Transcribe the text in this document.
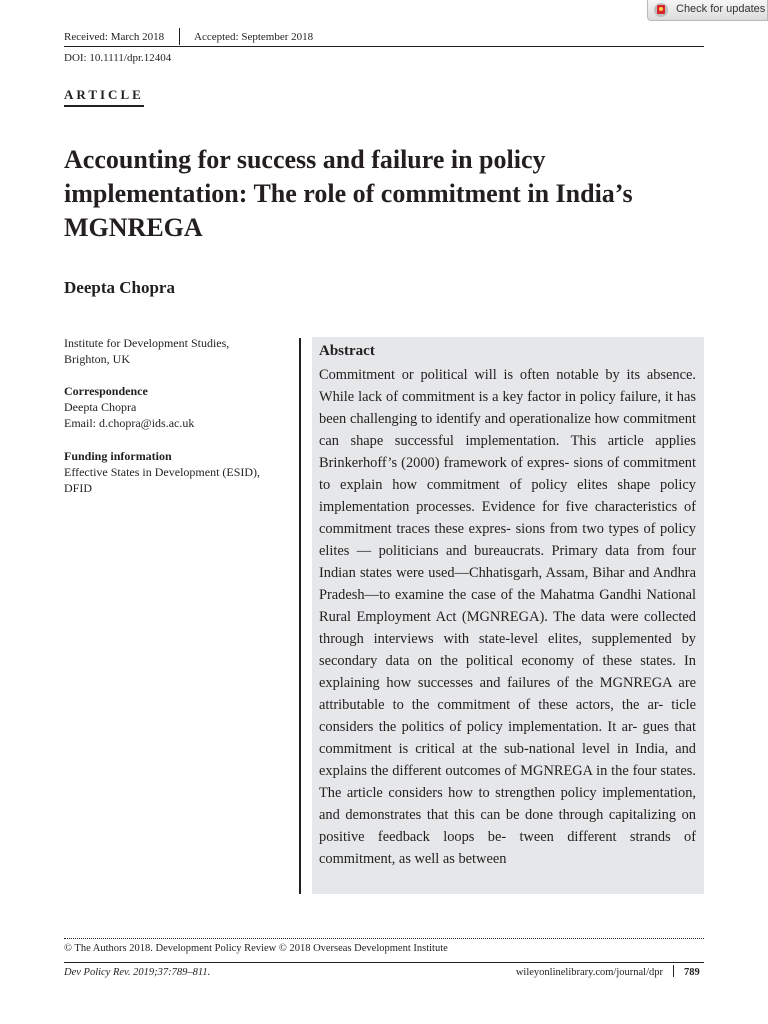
Check for updates
Received: March 2018	Accepted: September 2018
DOI: 10.1111/dpr.12404
ARTICLE
Accounting for success and failure in policy implementation: The role of commitment in India’s MGNREGA
Deepta Chopra
Institute for Development Studies,
Brighton, UK
Correspondence
Deepta Chopra
Email: d.chopra@ids.ac.uk
Funding information
Effective States in Development (ESID),
DFID
Abstract
Commitment or political will is often notable by its absence. While lack of commitment is a key factor in policy failure, it has been challenging to identify and operationalize how commitment can shape successful implementation. This article applies Brinkerhoff’s (2000) framework of expres- sions of commitment to explain how commitment of policy elites shape policy implementation processes. Evidence for five characteristics of commitment traces these expres- sions from two types of policy elites — politicians and bureaucrats. Primary data from four Indian states were used—Chhatisgarh, Assam, Bihar and Andhra Pradesh—to examine the case of the Mahatma Gandhi National Rural Employment Act (MGNREGA). The data were collected through interviews with state-level elites, supplemented by secondary data on the political economy of these states. In explaining how successes and failures of the MGNREGA are attributable to the commitment of these actors, the ar- ticle considers the politics of policy implementation. It ar- gues that commitment is critical at the sub-national level in India, and explains the different outcomes of MGNREGA in the four states. The article considers how to strengthen policy implementation, and demonstrates that this can be done through capitalizing on positive feedback loops be- tween different strands of commitment, as well as between
© The Authors 2018. Development Policy Review © 2018 Overseas Development Institute
Dev Policy Rev. 2019;37:789–811.	wileyonlinelibrary.com/journal/dpr 789
